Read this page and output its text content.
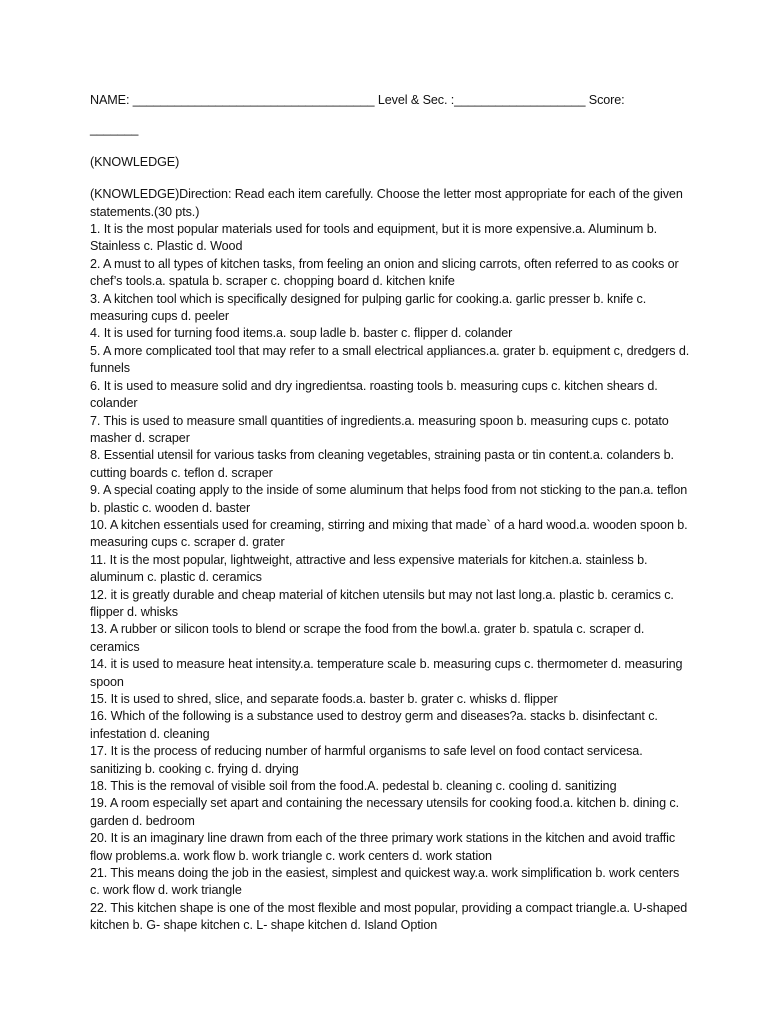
NAME: ___________________________________ Level & Sec. :___________________ Score:

_______

(KNOWLEDGE)

(KNOWLEDGE)Direction: Read each item carefully. Choose the letter most appropriate for each of the given statements.(30 pts.)

1. It is the most popular materials used for tools and equipment, but it is more expensive.a. Aluminum b. Stainless c. Plastic d. Wood
2. A must to all types of kitchen tasks, from feeling an onion and slicing carrots, often referred to as cooks or chef’s tools.a. spatula b. scraper c. chopping board d. kitchen knife
3. A kitchen tool which is specifically designed for pulping garlic for cooking.a. garlic presser b. knife c. measuring cups d. peeler
4. It is used for turning food items.a. soup ladle b. baster c. flipper d. colander
5. A more complicated tool that may refer to a small electrical appliances.a. grater b. equipment c, dredgers d. funnels
6. It is used to measure solid and dry ingredientsa. roasting tools b. measuring cups c. kitchen shears d. colander
7. This is used to measure small quantities of ingredients.a. measuring spoon b. measuring cups c. potato masher d. scraper
8. Essential utensil for various tasks from cleaning vegetables, straining pasta or tin content.a. colanders b. cutting boards c. teflon d. scraper
9. A special coating apply to the inside of some aluminum that helps food from not sticking to the pan.a. teflon b. plastic c. wooden d. baster
10. A kitchen essentials used for creaming, stirring and mixing that made` of a hard wood.a. wooden spoon b. measuring cups c. scraper d. grater
11. It is the most popular, lightweight, attractive and less expensive materials for kitchen.a. stainless b. aluminum c. plastic d. ceramics
12. it is greatly durable and cheap material of kitchen utensils but may not last long.a. plastic b. ceramics c. flipper d. whisks
13. A rubber or silicon tools to blend or scrape the food from the bowl.a. grater b. spatula c. scraper d. ceramics
14. it is used to measure heat intensity.a. temperature scale b. measuring cups c. thermometer d. measuring spoon
15. It is used to shred, slice, and separate foods.a. baster b. grater c. whisks d. flipper
16. Which of the following is a substance used to destroy germ and diseases?a. stacks b. disinfectant c. infestation d. cleaning
17. It is the process of reducing number of harmful organisms to safe level on food contact servicesa. sanitizing b. cooking c. frying d. drying
18. This is the removal of visible soil from the food.A. pedestal b. cleaning c. cooling d. sanitizing
19. A room especially set apart and containing the necessary utensils for cooking food.a. kitchen b. dining c. garden d. bedroom
20. It is an imaginary line drawn from each of the three primary work stations in the kitchen and avoid traffic flow problems.a. work flow b. work triangle c. work centers d. work station
21. This means doing the job in the easiest, simplest and quickest way.a. work simplification b. work centers c. work flow d. work triangle
22. This kitchen shape is one of the most flexible and most popular, providing a compact triangle.a. U-shaped kitchen b. G- shape kitchen c. L- shape kitchen d. Island Option
